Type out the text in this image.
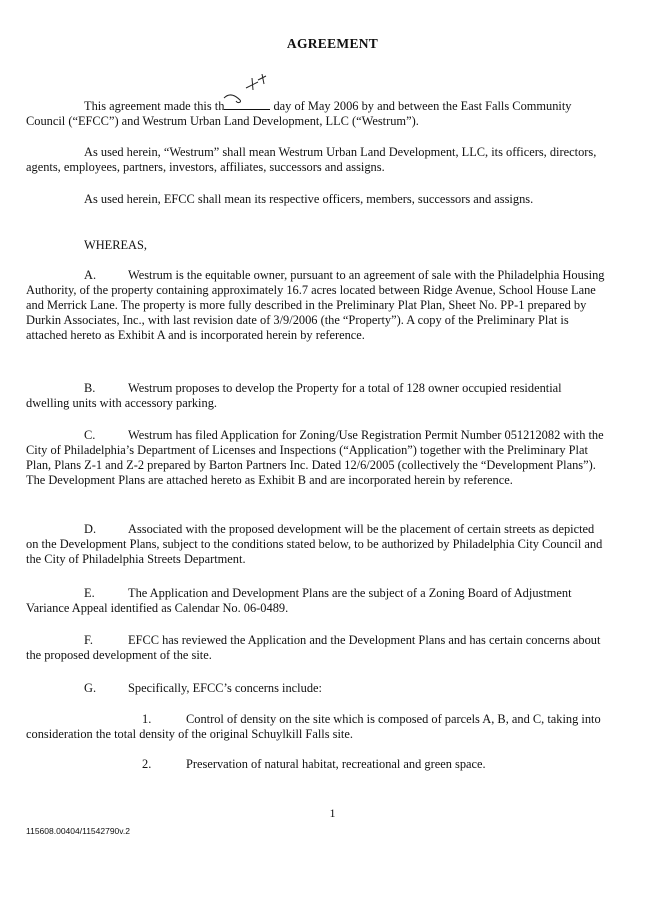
AGREEMENT
This agreement made this th	day of May 2006 by and between the East Falls Community Council (“EFCC”) and Westrum Urban Land Development, LLC (“Westrum”).
As used herein, “Westrum” shall mean Westrum Urban Land Development, LLC, its officers, directors, agents, employees, partners, investors, affiliates, successors and assigns.
As used herein, EFCC shall mean its respective officers, members, successors and assigns.
WHEREAS,
A.	Westrum is the equitable owner, pursuant to an agreement of sale with the Philadelphia Housing Authority, of the property containing approximately 16.7 acres located between Ridge Avenue, School House Lane and Merrick Lane. The property is more fully described in the Preliminary Plat Plan, Sheet No. PP-1 prepared by Durkin Associates, Inc., with last revision date of 3/9/2006 (the “Property”). A copy of the Preliminary Plat is attached hereto as Exhibit A and is incorporated herein by reference.
B.	Westrum proposes to develop the Property for a total of 128 owner occupied residential dwelling units with accessory parking.
C.	Westrum has filed Application for Zoning/Use Registration Permit Number 051212082 with the City of Philadelphia’s Department of Licenses and Inspections (“Application”) together with the Preliminary Plat Plan, Plans Z-1 and Z-2 prepared by Barton Partners Inc. Dated 12/6/2005 (collectively the “Development Plans”). The Development Plans are attached hereto as Exhibit B and are incorporated herein by reference.
D.	Associated with the proposed development will be the placement of certain streets as depicted on the Development Plans, subject to the conditions stated below, to be authorized by Philadelphia City Council and the City of Philadelphia Streets Department.
E.	The Application and Development Plans are the subject of a Zoning Board of Adjustment Variance Appeal identified as Calendar No. 06-0489.
F.	EFCC has reviewed the Application and the Development Plans and has certain concerns about the proposed development of the site.
G.	Specifically, EFCC’s concerns include:
1.	Control of density on the site which is composed of parcels A, B, and C, taking into consideration the total density of the original Schuylkill Falls site.
2.	Preservation of natural habitat, recreational and green space.
1
115608.00404/11542790v.2
